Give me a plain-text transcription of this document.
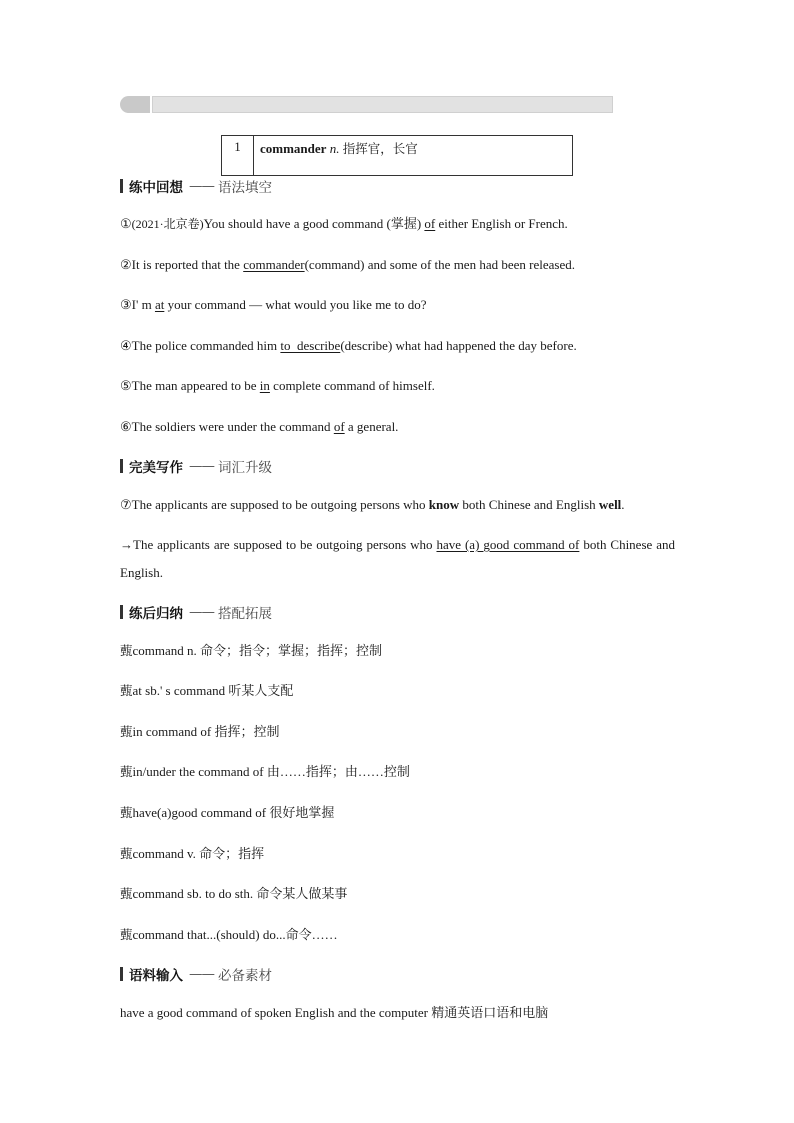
1	commander n. 指挥官，长官
练中回想 —— 语法填空
①(2021·北京卷)You should have a good command (掌握) of either English or French.
②It is reported that the commander(command) and some of the men had been released.
③I' m at your command — what would you like me to do?
④The police commanded him to  describe(describe) what had happened the day before.
⑤The man appeared to be in complete command of himself.
⑥The soldiers were under the command of a general.
完美写作 —— 词汇升级
⑦The applicants are supposed to be outgoing persons who know both Chinese and English well.
→The applicants are supposed to be outgoing persons who have (a) good command of both Chinese and English.
练后归纳 —— 搭配拓展
薽command n. 命令；指令；掌握；指挥；控制
薽at sb.' s command 听某人支配
薽in command of 指挥；控制
薽in/under the command of 由……指挥；由……控制
薽have(a)good command of 很好地掌握
薽command v. 命令；指挥
薽command sb. to do sth. 命令某人做某事
薽command that...(should) do...命令……
语料输入 —— 必备素材
have a good command of spoken English and the computer 精通英语口语和电脑
